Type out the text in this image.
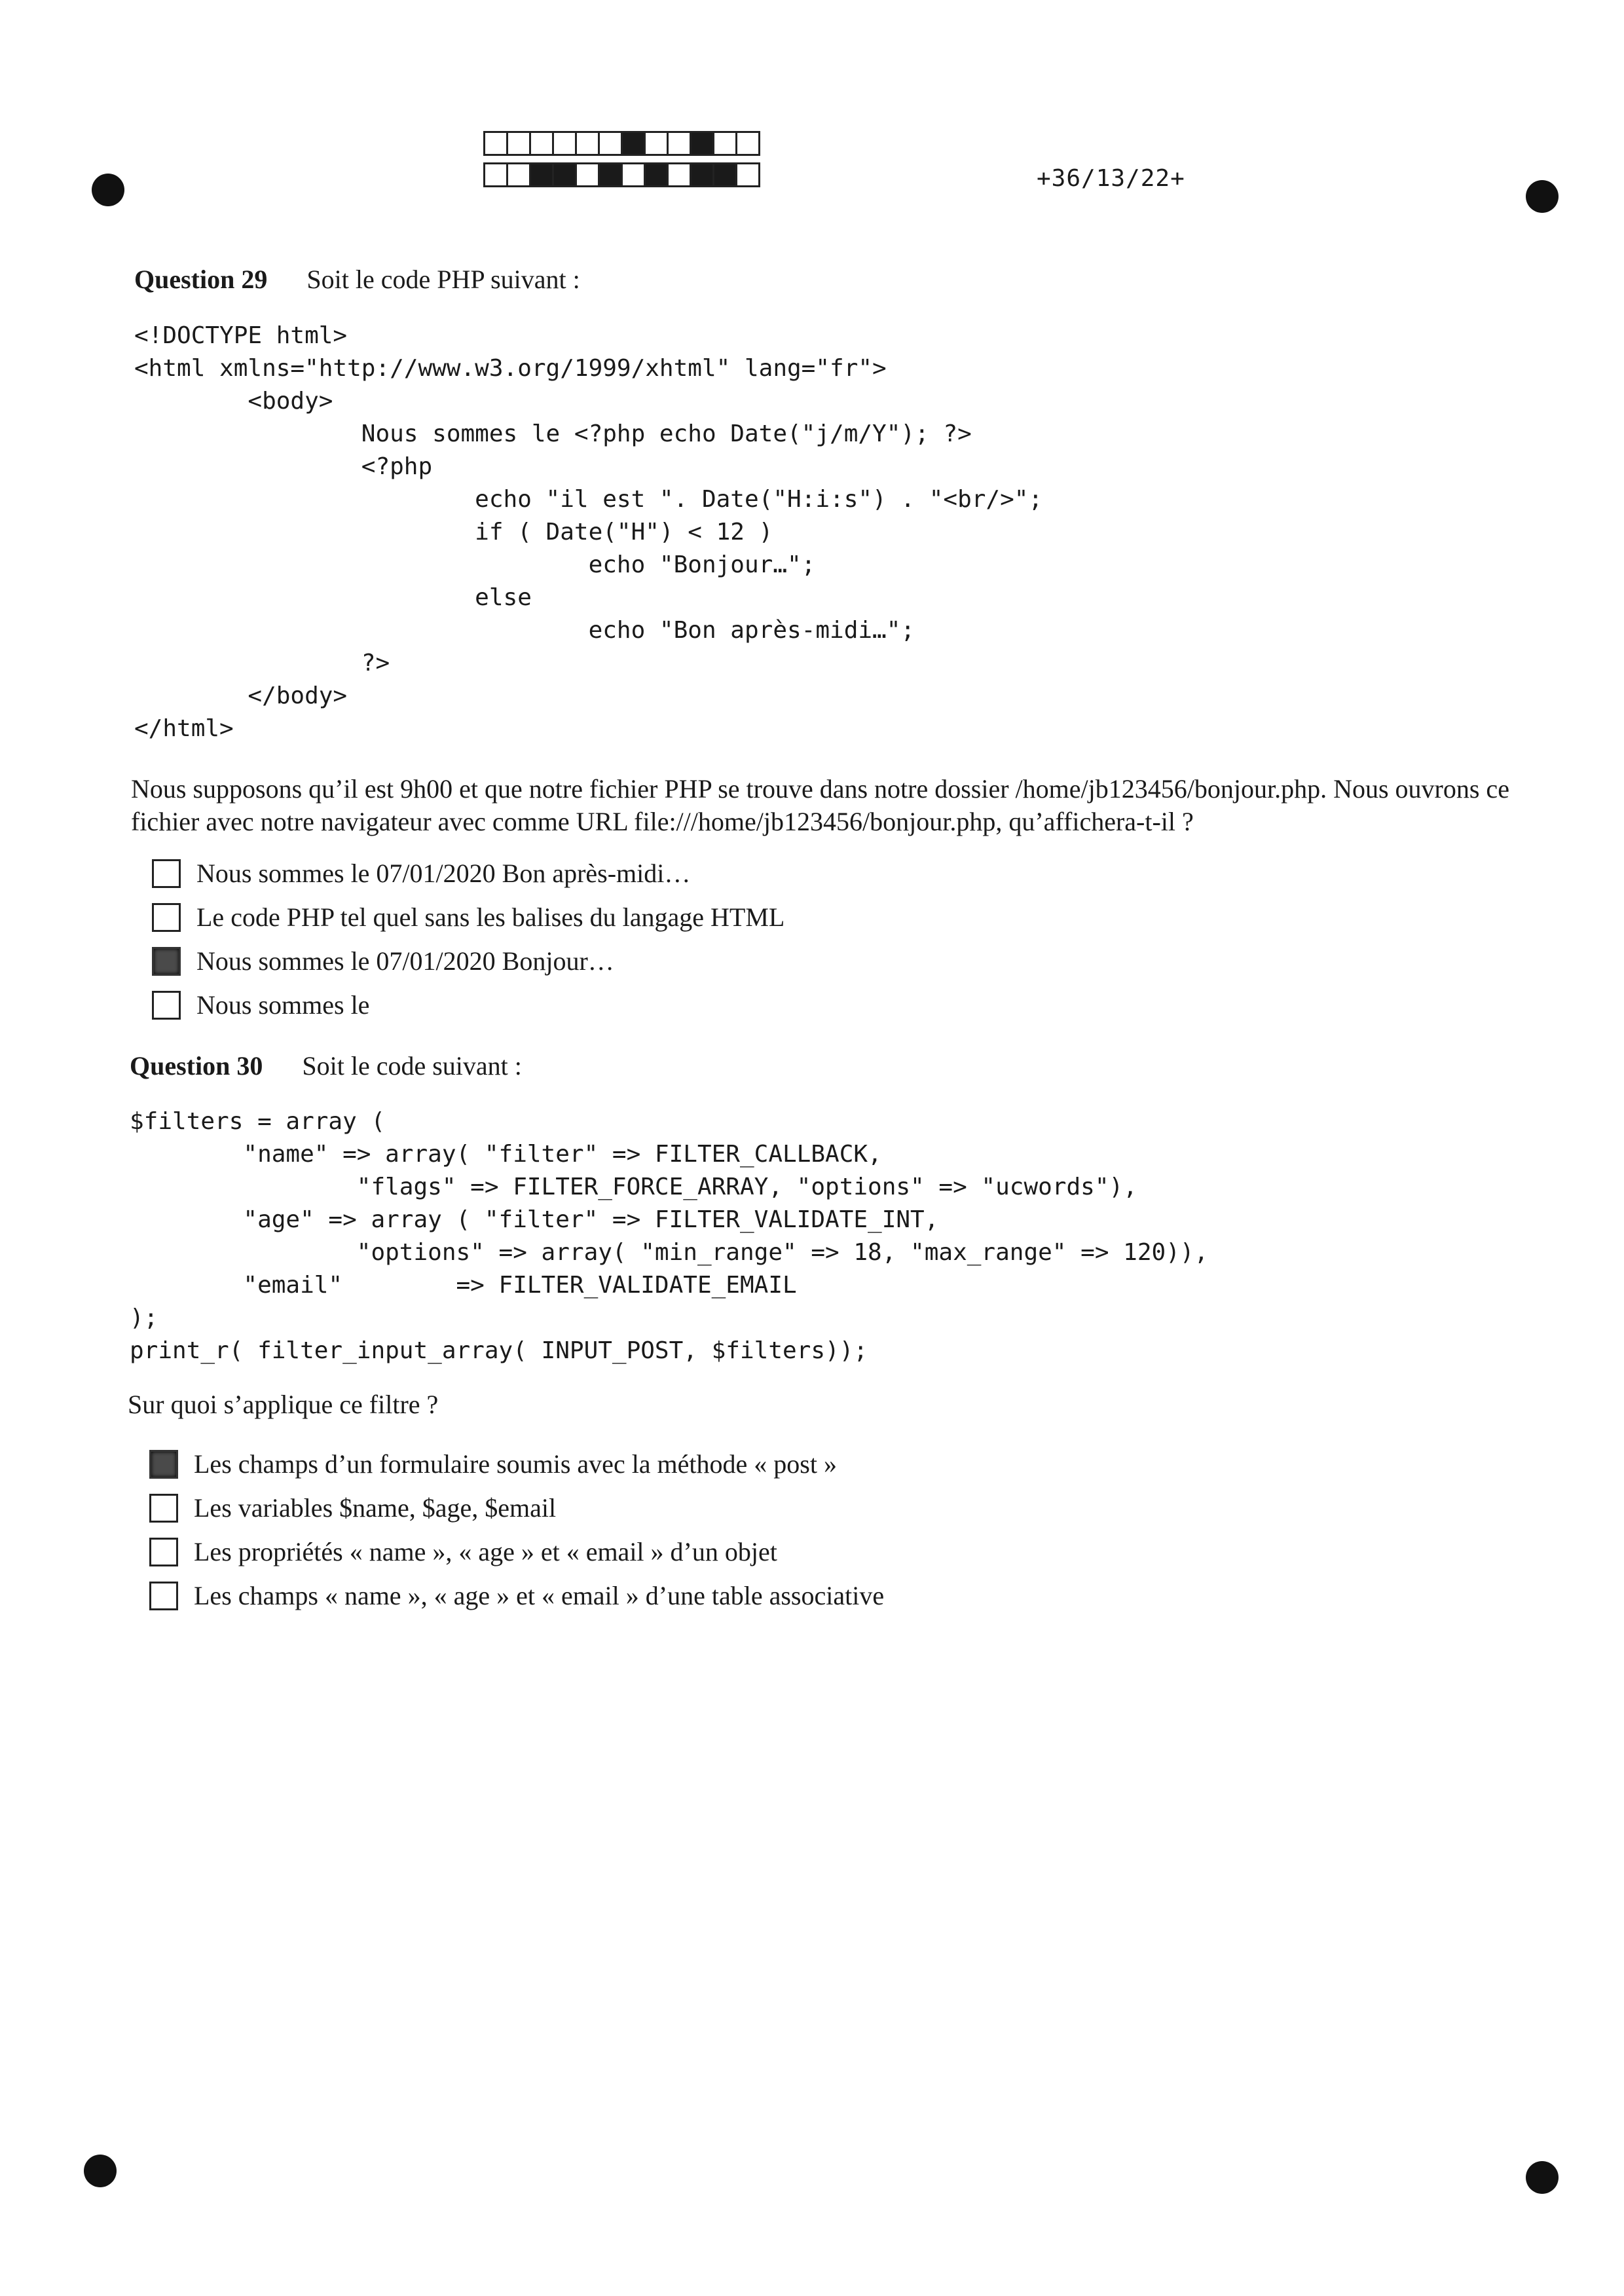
+36/13/22+
Question 29 Soit le code PHP suivant :
<!DOCTYPE html>
<html xmlns="http://www.w3.org/1999/xhtml" lang="fr">
<body>
Nous sommes le <?php echo Date("j/m/Y"); ?>
<?php
echo "il est ". Date("H:i:s") . "<br/>";
if ( Date("H") < 12 )
echo "Bonjour…";
else
echo "Bon après-midi…";
?>
</body>
</html>
Nous supposons qu’il est 9h00 et que notre fichier PHP se trouve dans notre dossier /home/jb123456/bonjour.php. Nous ouvrons ce fichier avec notre navigateur avec comme URL file:///home/jb123456/bonjour.php, qu’affichera-t-il ?
Nous sommes le 07/01/2020 Bon après-midi…
Le code PHP tel quel sans les balises du langage HTML
Nous sommes le 07/01/2020 Bonjour…
Nous sommes le
Question 30 Soit le code suivant :
$filters = array (
"name" => array( "filter" => FILTER_CALLBACK,
"flags" => FILTER_FORCE_ARRAY, "options" => "ucwords"),
"age" => array ( "filter" => FILTER_VALIDATE_INT,
"options" => array( "min_range" => 18, "max_range" => 120)),
"email"        => FILTER_VALIDATE_EMAIL
);
print_r( filter_input_array( INPUT_POST, $filters));
Sur quoi s’applique ce filtre ?
Les champs d’un formulaire soumis avec la méthode « post »
Les variables $name, $age, $email
Les propriétés « name », « age » et « email » d’un objet
Les champs « name », « age » et « email » d’une table associative
